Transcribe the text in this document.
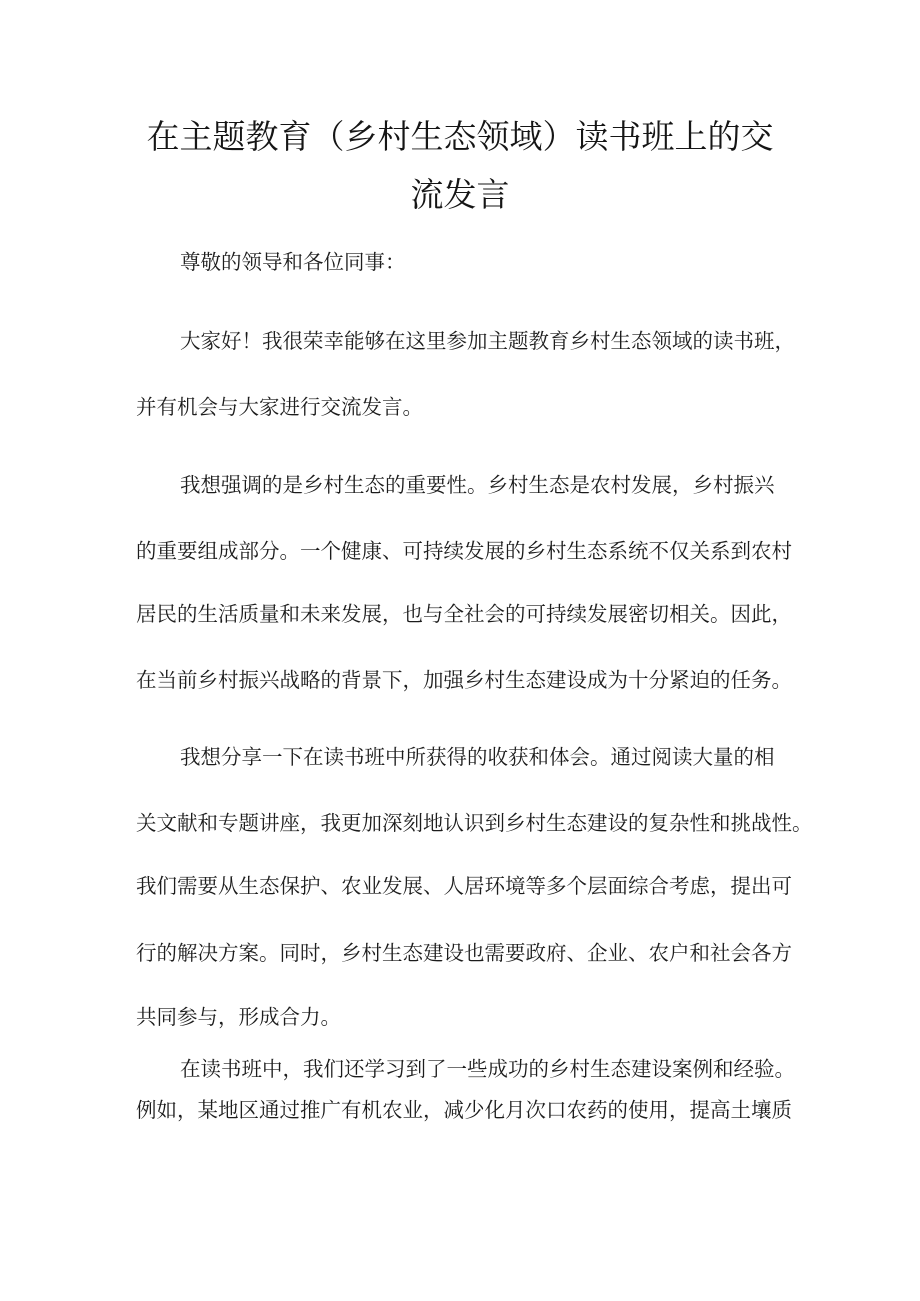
在主题教育（乡村生态领域）读书班上的交
流发言
尊敬的领导和各位同事：
大家好！我很荣幸能够在这里参加主题教育乡村生态领域的读书班，
并有机会与大家进行交流发言。
我想强调的是乡村生态的重要性。乡村生态是农村发展，乡村振兴
的重要组成部分。一个健康、可持续发展的乡村生态系统不仅关系到农村
居民的生活质量和未来发展，也与全社会的可持续发展密切相关。因此，
在当前乡村振兴战略的背景下，加强乡村生态建设成为十分紧迫的任务。
我想分享一下在读书班中所获得的收获和体会。通过阅读大量的相
关文献和专题讲座，我更加深刻地认识到乡村生态建设的复杂性和挑战性。
我们需要从生态保护、农业发展、人居环境等多个层面综合考虑，提出可
行的解决方案。同时，乡村生态建设也需要政府、企业、农户和社会各方
共同参与，形成合力。
在读书班中，我们还学习到了一些成功的乡村生态建设案例和经验。
例如，某地区通过推广有机农业，减少化月次口农药的使用，提高土壤质
